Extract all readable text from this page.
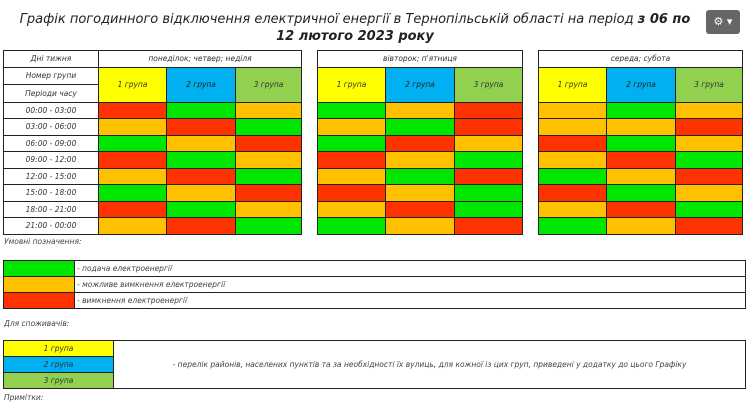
Графік погодинного відключення електричної енергії в Тернопільській області на період з 06 по 12 лютого 2023 року
⚙ ▾
Дні тижня	понеділок; четвер; неділя				вівторок; п'ятниця				середа; субота		

Номер групи
Періоди часу	1 група	2 група	3 група		1 група	2 група	3 група		1 група	2 група	3 група
00:00 - 03:00											
03:00 - 06:00											
06:00 - 09:00											
09:00 - 12:00											
12:00 - 15:00											
15:00 - 18:00											
18:00 - 21:00											
21:00 - 00:00											
Умовні позначення:
	- подача електроенергії
	- можливе вимкнення електроенергії
	- вимкнення електроенергії
Для споживачів:
1 група	- перелік районів, населених пунктів та за необхідності їх вулиць, для кожної із цих груп, приведені у додатку до цього Графіку
2 група
3 група
Примітки:
